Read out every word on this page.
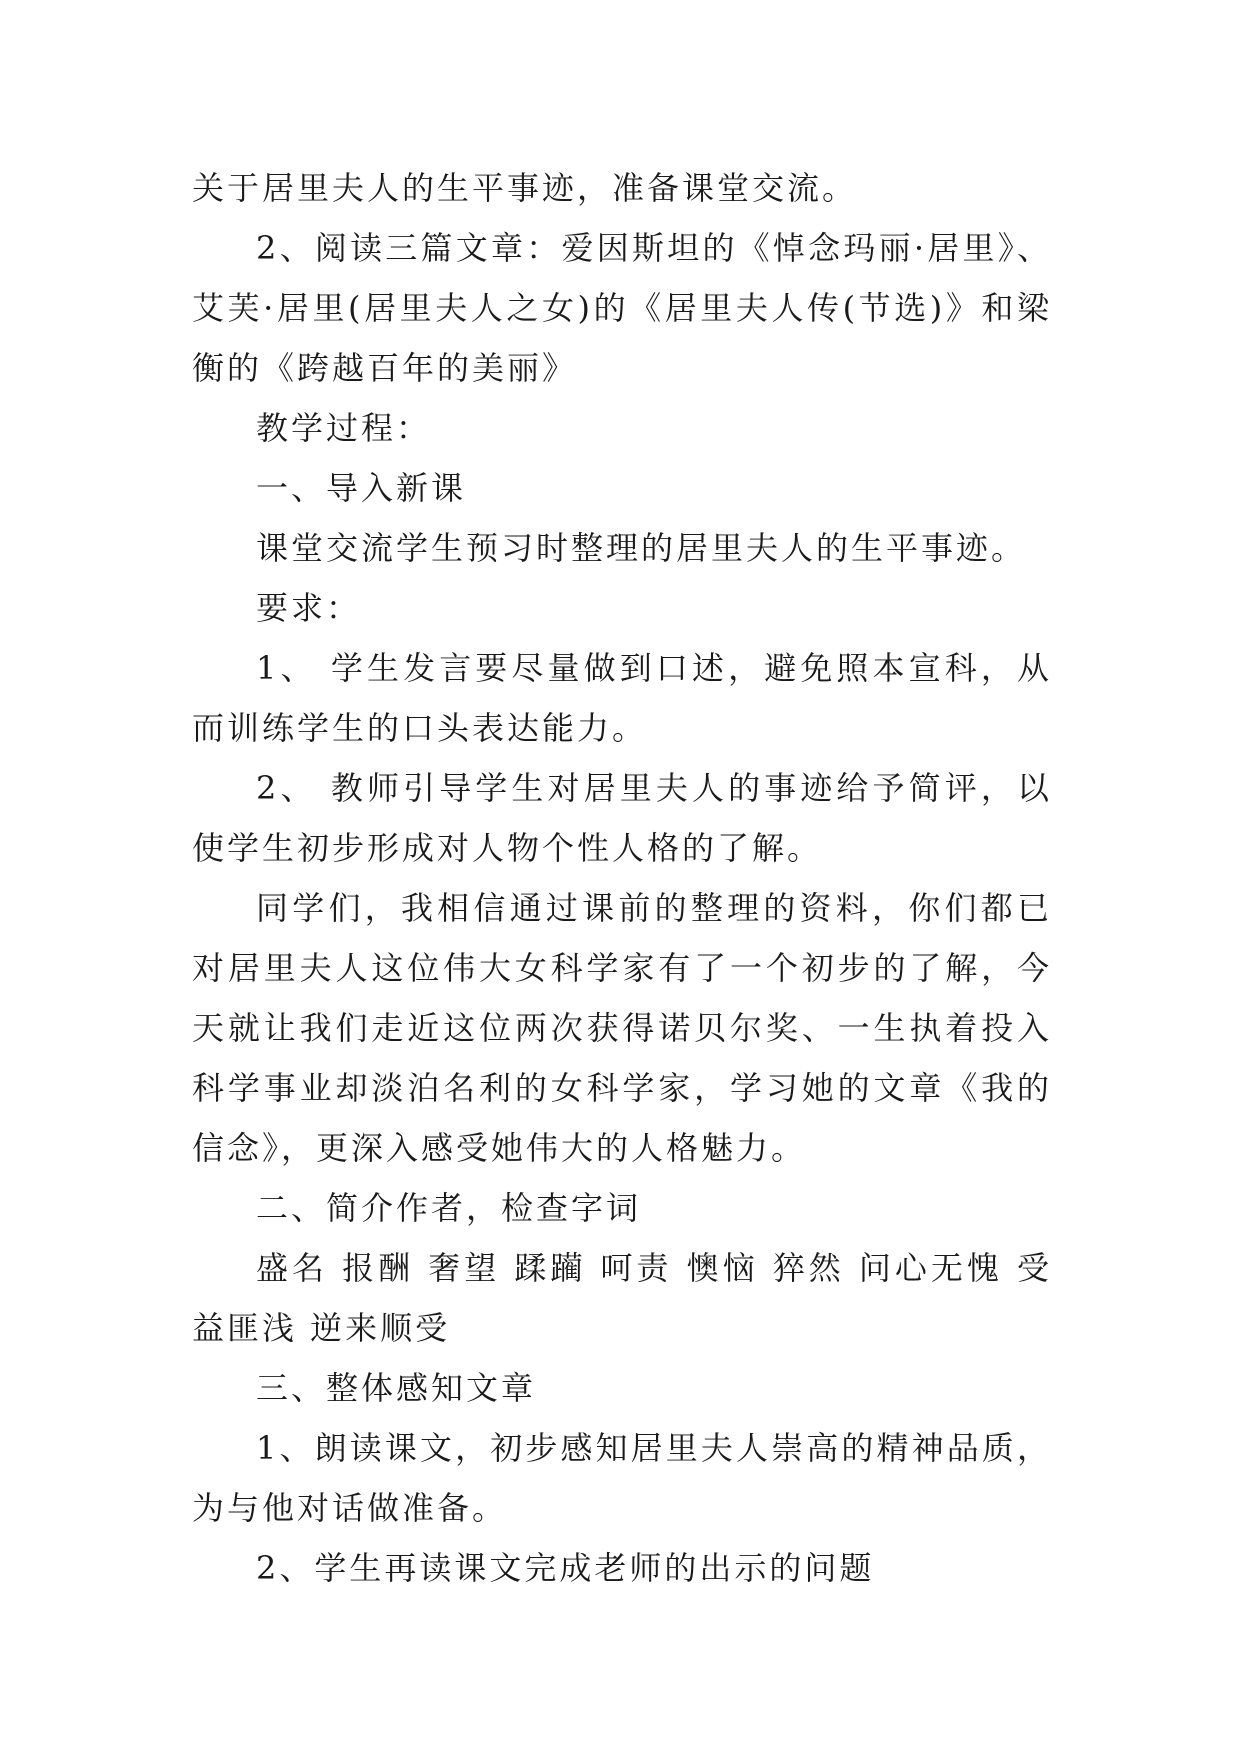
关于居里夫人的生平事迹，准备课堂交流。

2、阅读三篇文章：爱因斯坦的《悼念玛丽·居里》、艾芙·居里(居里夫人之女)的《居里夫人传(节选)》和梁衡的《跨越百年的美丽》

教学过程：

一、导入新课

课堂交流学生预习时整理的居里夫人的生平事迹。

要求：

1、 学生发言要尽量做到口述，避免照本宣科，从而训练学生的口头表达能力。

2、 教师引导学生对居里夫人的事迹给予简评，以使学生初步形成对人物个性人格的了解。

同学们，我相信通过课前的整理的资料，你们都已对居里夫人这位伟大女科学家有了一个初步的了解，今天就让我们走近这位两次获得诺贝尔奖、一生执着投入科学事业却淡泊名利的女科学家，学习她的文章《我的信念》，更深入感受她伟大的人格魅力。

二、简介作者，检查字词

盛名 报酬 奢望 蹂躏 呵责 懊恼 猝然 问心无愧 受益匪浅 逆来顺受

三、整体感知文章

1、朗读课文，初步感知居里夫人崇高的精神品质，为与他对话做准备。

2、学生再读课文完成老师的出示的问题
